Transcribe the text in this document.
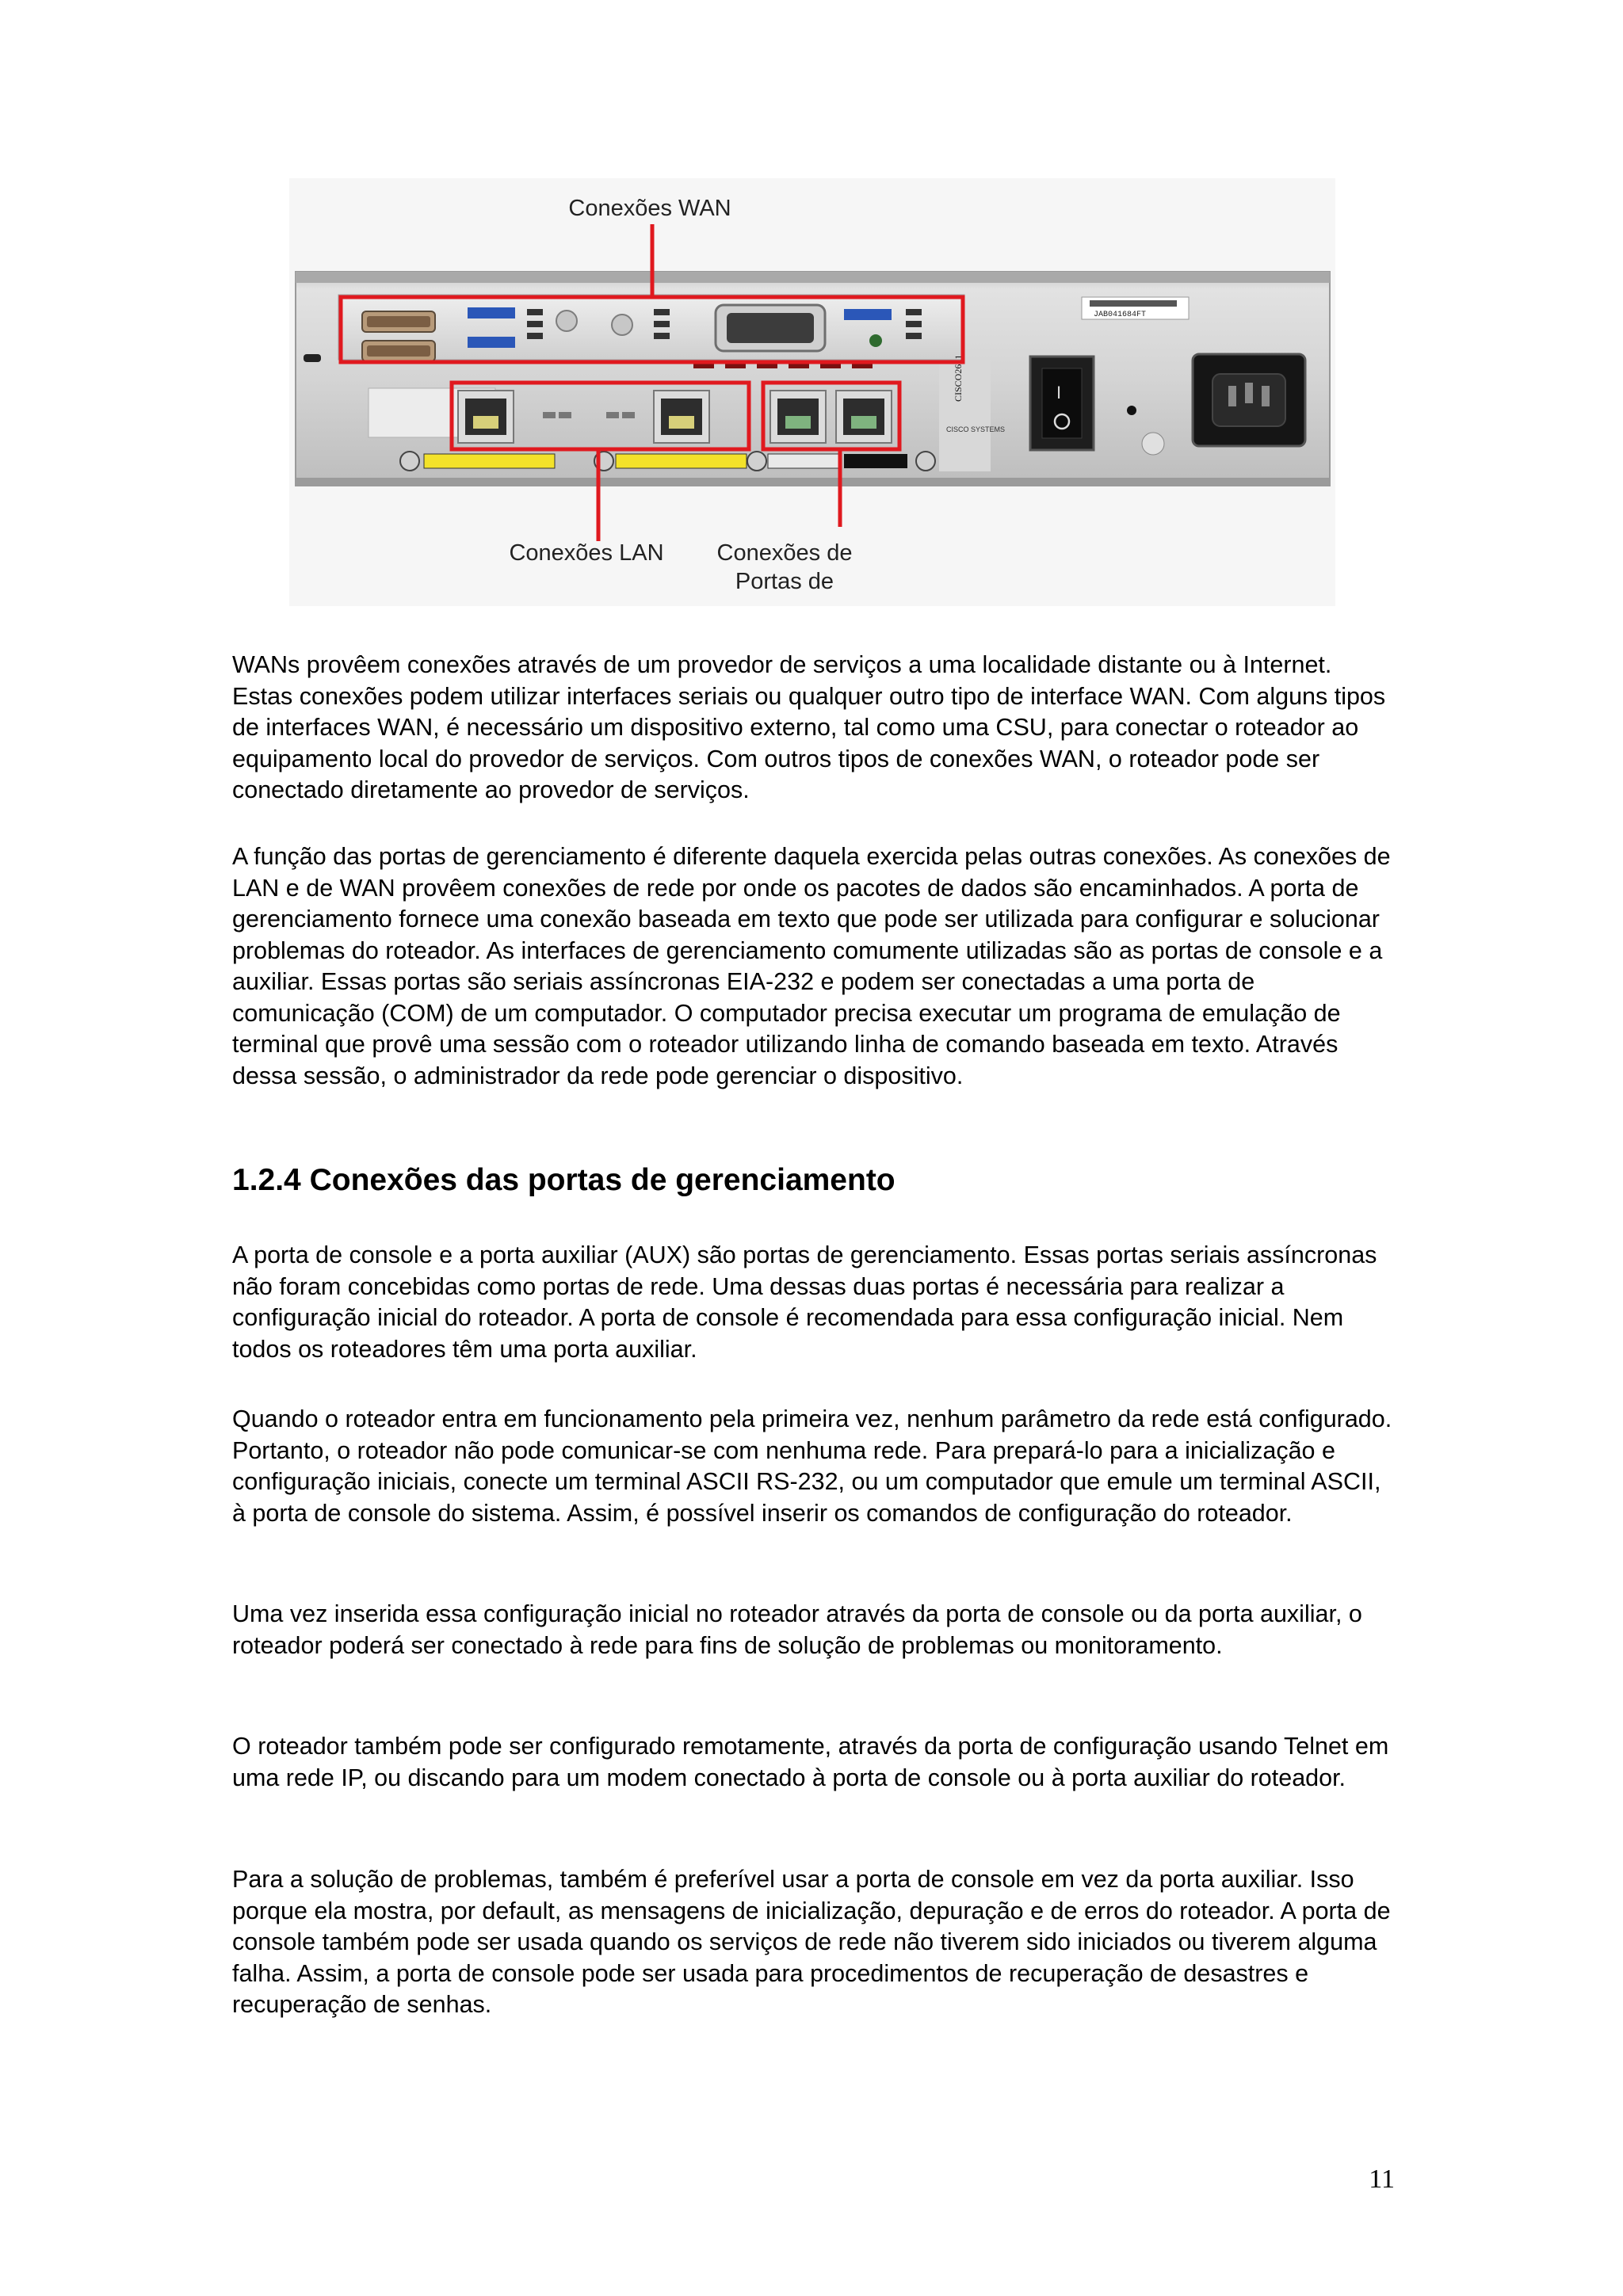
CISCO2621
CISCO SYSTEMS
JAB041684FT
I
Conexões WAN
Conexões LAN	Conexões de
Portas de

WANs provêem conexões através de um provedor de serviços a uma localidade distante ou à Internet. Estas conexões podem utilizar interfaces seriais ou qualquer outro tipo de interface WAN. Com alguns tipos de interfaces WAN, é necessário um dispositivo externo, tal como uma CSU, para conectar o roteador ao equipamento local do provedor de serviços. Com outros tipos de conexões WAN, o roteador pode ser conectado diretamente ao provedor de serviços.

A função das portas de gerenciamento é diferente daquela exercida pelas outras conexões. As conexões de LAN e de WAN provêem conexões de rede por onde os pacotes de dados são encaminhados. A porta de gerenciamento fornece uma conexão baseada em texto que pode ser utilizada para configurar e solucionar problemas do roteador. As interfaces de gerenciamento comumente utilizadas são as portas de console e a auxiliar. Essas portas são seriais assíncronas EIA-232 e podem ser conectadas a uma porta de comunicação (COM) de um computador. O computador precisa executar um programa de emulação de terminal que provê uma sessão com o roteador utilizando linha de comando baseada em texto. Através dessa sessão, o administrador da rede pode gerenciar o dispositivo.

1.2.4 Conexões das portas de gerenciamento

A porta de console e a porta auxiliar (AUX) são portas de gerenciamento. Essas portas seriais assíncronas não foram concebidas como portas de rede. Uma dessas duas portas é necessária para realizar a configuração inicial do roteador. A porta de console é recomendada para essa configuração inicial. Nem todos os roteadores têm uma porta auxiliar.

Quando o roteador entra em funcionamento pela primeira vez, nenhum parâmetro da rede está configurado. Portanto, o roteador não pode comunicar-se com nenhuma rede. Para prepará-lo para a inicialização e configuração iniciais, conecte um terminal ASCII RS-232, ou um computador que emule um terminal ASCII, à porta de console do sistema. Assim, é possível inserir os comandos de configuração do roteador.

Uma vez inserida essa configuração inicial no roteador através da porta de console ou da porta auxiliar, o roteador poderá ser conectado à rede para fins de solução de problemas ou monitoramento.

O roteador também pode ser configurado remotamente, através da porta de configuração usando Telnet em uma rede IP, ou discando para um modem conectado à porta de console ou à porta auxiliar do roteador.

Para a solução de problemas, também é preferível usar a porta de console em vez da porta auxiliar. Isso porque ela mostra, por default, as mensagens de inicialização, depuração e de erros do roteador. A porta de console também pode ser usada quando os serviços de rede não tiverem sido iniciados ou tiverem alguma falha. Assim, a porta de console pode ser usada para procedimentos de recuperação de desastres e recuperação de senhas.

11
